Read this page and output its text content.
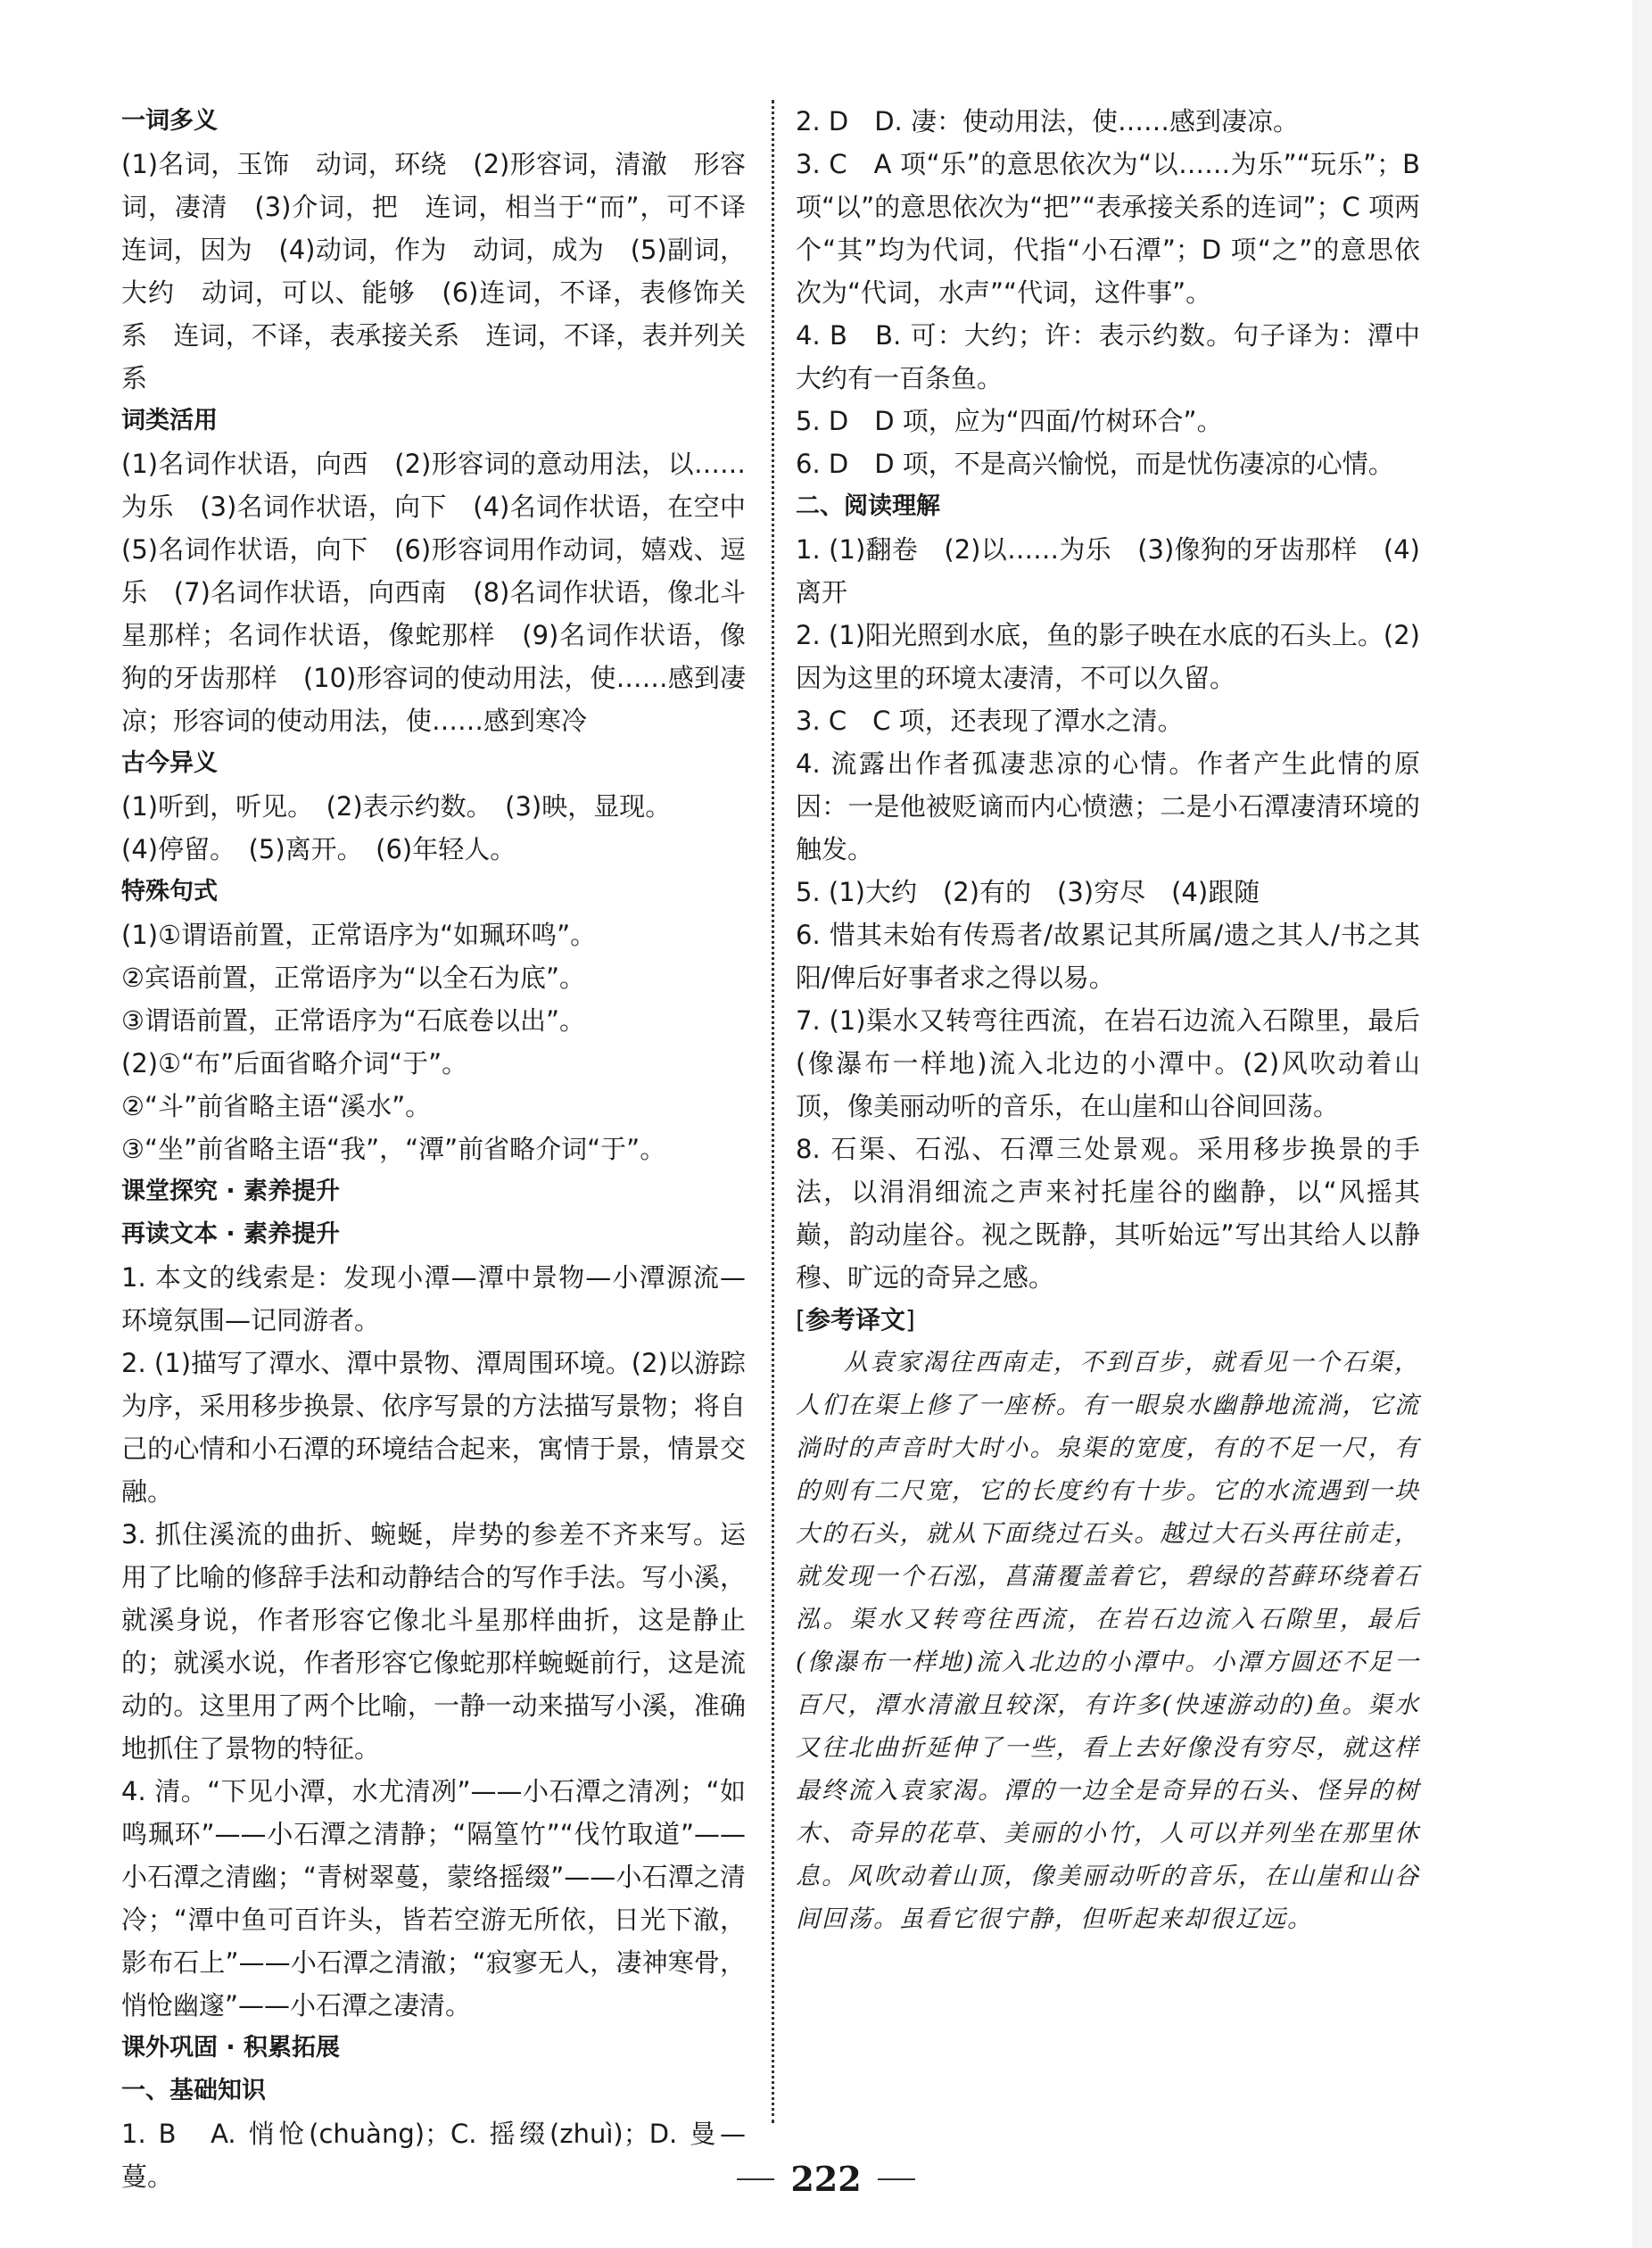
一词多义

(1)名词，玉饰　动词，环绕　(2)形容词，清澈　形容词，凄清　(3)介词，把　连词，相当于“而”，可不译　连词，因为　(4)动词，作为　动词，成为　(5)副词，大约　动词，可以、能够　(6)连词，不译，表修饰关系　连词，不译，表承接关系　连词，不译，表并列关系

词类活用

(1)名词作状语，向西　(2)形容词的意动用法，以……为乐　(3)名词作状语，向下　(4)名词作状语，在空中　(5)名词作状语，向下　(6)形容词用作动词，嬉戏、逗乐　(7)名词作状语，向西南　(8)名词作状语，像北斗星那样；名词作状语，像蛇那样　(9)名词作状语，像狗的牙齿那样　(10)形容词的使动用法，使……感到凄凉；形容词的使动用法，使……感到寒冷

古今异义

(1)听到，听见。　(2)表示约数。　(3)映，显现。

(4)停留。　(5)离开。　(6)年轻人。

特殊句式

(1)①谓语前置，正常语序为“如珮环鸣”。

②宾语前置，正常语序为“以全石为底”。

③谓语前置，正常语序为“石底卷以出”。

(2)①“布”后面省略介词“于”。

②“斗”前省略主语“溪水”。

③“坐”前省略主语“我”，“潭”前省略介词“于”。

课堂探究 · 素养提升
再读文本 · 素养提升

1. 本文的线索是：发现小潭—潭中景物—小潭源流—环境氛围—记同游者。

2. (1)描写了潭水、潭中景物、潭周围环境。(2)以游踪为序，采用移步换景、依序写景的方法描写景物；将自己的心情和小石潭的环境结合起来，寓情于景，情景交融。

3. 抓住溪流的曲折、蜿蜒，岸势的参差不齐来写。运用了比喻的修辞手法和动静结合的写作手法。写小溪，就溪身说，作者形容它像北斗星那样曲折，这是静止的；就溪水说，作者形容它像蛇那样蜿蜒前行，这是流动的。这里用了两个比喻，一静一动来描写小溪，准确地抓住了景物的特征。

4. 清。“下见小潭，水尤清冽”——小石潭之清冽；“如鸣珮环”——小石潭之清静；“隔篁竹”“伐竹取道”——小石潭之清幽；“青树翠蔓，蒙络摇缀”——小石潭之清冷；“潭中鱼可百许头，皆若空游无所依，日光下澈，影布石上”——小石潭之清澈；“寂寥无人，凄神寒骨，悄怆幽邃”——小石潭之凄清。

课外巩固 · 积累拓展
一、基础知识

1. B　A. 悄怆(chuàng)；C. 摇缀(zhuì)；D. 曼—蔓。

2. D　D. 凄：使动用法，使……感到凄凉。

3. C　A 项“乐”的意思依次为“以……为乐”“玩乐”；B 项“以”的意思依次为“把”“表承接关系的连词”；C 项两个“其”均为代词，代指“小石潭”；D 项“之”的意思依次为“代词，水声”“代词，这件事”。

4. B　B. 可：大约；许：表示约数。句子译为：潭中大约有一百条鱼。

5. D　D 项，应为“四面/竹树环合”。

6. D　D 项，不是高兴愉悦，而是忧伤凄凉的心情。

二、阅读理解

1. (1)翻卷　(2)以……为乐　(3)像狗的牙齿那样　(4)离开

2. (1)阳光照到水底，鱼的影子映在水底的石头上。(2)因为这里的环境太凄清，不可以久留。

3. C　C 项，还表现了潭水之清。

4. 流露出作者孤凄悲凉的心情。作者产生此情的原因：一是他被贬谪而内心愤懑；二是小石潭凄清环境的触发。

5. (1)大约　(2)有的　(3)穷尽　(4)跟随

6. 惜其未始有传焉者/故累记其所属/遗之其人/书之其阳/俾后好事者求之得以易。

7. (1)渠水又转弯往西流，在岩石边流入石隙里，最后(像瀑布一样地)流入北边的小潭中。(2)风吹动着山顶，像美丽动听的音乐，在山崖和山谷间回荡。

8. 石渠、石泓、石潭三处景观。采用移步换景的手法，以涓涓细流之声来衬托崖谷的幽静，以“风摇其巅，韵动崖谷。视之既静，其听始远”写出其给人以静穆、旷远的奇异之感。

[参考译文]

从袁家渴往西南走，不到百步，就看见一个石渠，人们在渠上修了一座桥。有一眼泉水幽静地流淌，它流淌时的声音时大时小。泉渠的宽度，有的不足一尺，有的则有二尺宽，它的长度约有十步。它的水流遇到一块大的石头，就从下面绕过石头。越过大石头再往前走，就发现一个石泓，菖蒲覆盖着它，碧绿的苔藓环绕着石泓。渠水又转弯往西流，在岩石边流入石隙里，最后(像瀑布一样地)流入北边的小潭中。小潭方圆还不足一百尺，潭水清澈且较深，有许多(快速游动的)鱼。渠水又往北曲折延伸了一些，看上去好像没有穷尽，就这样最终流入袁家渴。潭的一边全是奇异的石头、怪异的树木、奇异的花草、美丽的小竹，人可以并列坐在那里休息。风吹动着山顶，像美丽动听的音乐，在山崖和山谷间回荡。虽看它很宁静，但听起来却很辽远。

222
